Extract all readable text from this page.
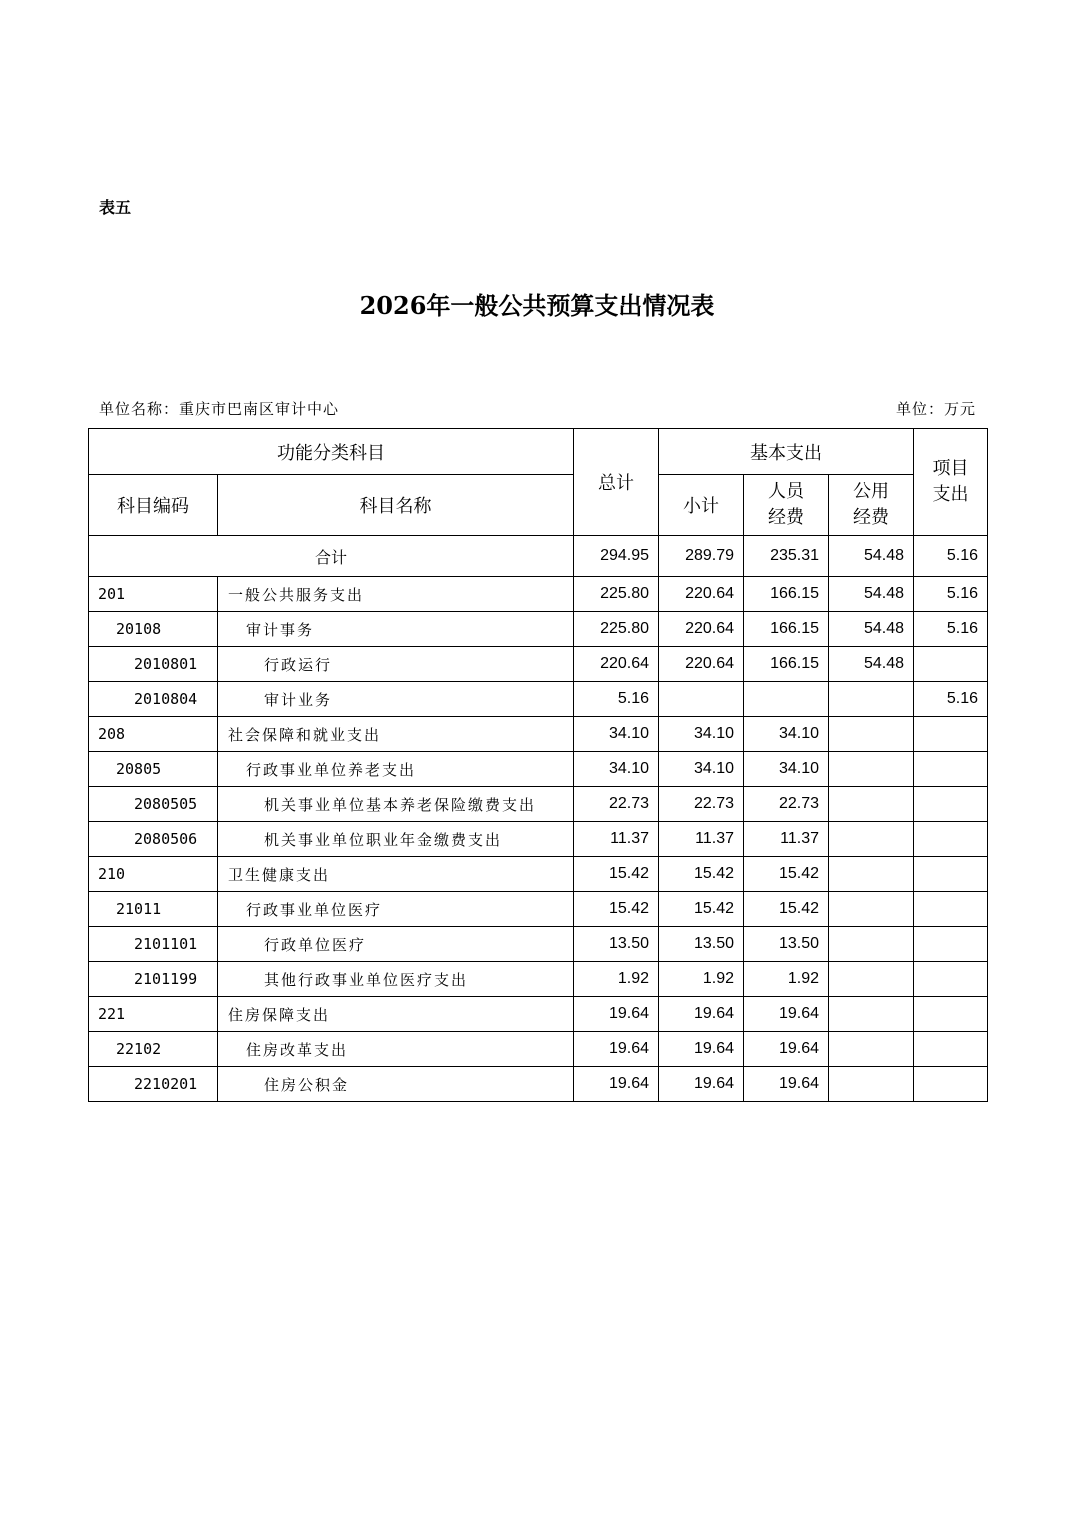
表五
2026年一般公共预算支出情况表
单位名称：重庆市巴南区审计中心	单位：万元
功能分类科目		总计	基本支出			项目支出
科目编码	科目名称		小计	人员经费	公用经费	
合计		294.95	289.79	235.31	54.48	5.16
201	一般公共服务支出	225.80	220.64	166.15	54.48	5.16
20108	审计事务	225.80	220.64	166.15	54.48	5.16
2010801	行政运行	220.64	220.64	166.15	54.48	
2010804	审计业务	5.16				5.16
208	社会保障和就业支出	34.10	34.10	34.10		
20805	行政事业单位养老支出	34.10	34.10	34.10		
2080505	机关事业单位基本养老保险缴费支出	22.73	22.73	22.73		
2080506	机关事业单位职业年金缴费支出	11.37	11.37	11.37		
210	卫生健康支出	15.42	15.42	15.42		
21011	行政事业单位医疗	15.42	15.42	15.42		
2101101	行政单位医疗	13.50	13.50	13.50		
2101199	其他行政事业单位医疗支出	1.92	1.92	1.92		
221	住房保障支出	19.64	19.64	19.64		
22102	住房改革支出	19.64	19.64	19.64		
2210201	住房公积金	19.64	19.64	19.64		
